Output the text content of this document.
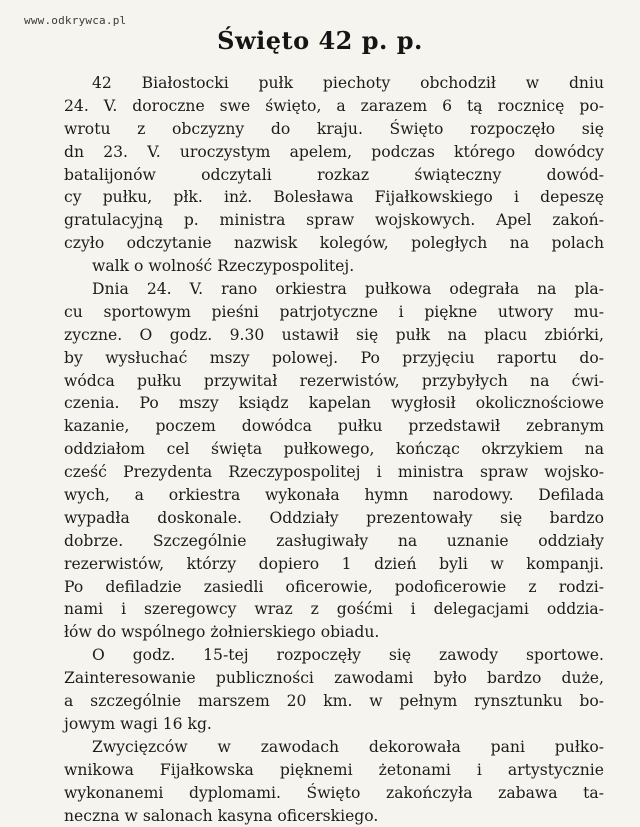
www.odkrywca.pl
Święto 42 p. p.
42 Białostocki pułk piechoty obchodził w dniu
24. V. doroczne swe święto, a zarazem 6 tą rocznicę po-
wrotu z obczyzny do kraju. Święto rozpoczęło się
dn 23. V. uroczystym apelem, podczas którego dowódcy
batalijonów odczytali rozkaz świąteczny dowód-
cy pułku, płk. inż. Bolesława Fijałkowskiego i depeszę
gratulacyjną p. ministra spraw wojskowych. Apel zakoń-
czyło odczytanie nazwisk kolegów, poległych na polach
walk o wolność Rzeczypospolitej.
Dnia 24. V. rano orkiestra pułkowa odegrała na pla-
cu sportowym pieśni patrjotyczne i piękne utwory mu-
zyczne. O godz. 9.30 ustawił się pułk na placu zbiórki,
by wysłuchać mszy polowej. Po przyjęciu raportu do-
wódca pułku przywitał rezerwistów, przybyłych na ćwi-
czenia. Po mszy ksiądz kapelan wygłosił okolicznościowe
kazanie, poczem dowódca pułku przedstawił zebranym
oddziałom cel święta pułkowego, kończąc okrzykiem na
cześć Prezydenta Rzeczypospolitej i ministra spraw wojsko-
wych, a orkiestra wykonała hymn narodowy. Defilada
wypadła doskonale. Oddziały prezentowały się bardzo
dobrze. Szczególnie zasługiwały na uznanie oddziały
rezerwistów, którzy dopiero 1 dzień byli w kompanji.
Po defiladzie zasiedli oficerowie, podoficerowie z rodzi-
nami i szeregowcy wraz z gośćmi i delegacjami oddzia-
łów do wspólnego żołnierskiego obiadu.
O godz. 15-tej rozpoczęły się zawody sportowe.
Zainteresowanie publiczności zawodami było bardzo duże,
a szczególnie marszem 20 km. w pełnym rynsztunku bo-
jowym wagi 16 kg.
Zwycięzców w zawodach dekorowała pani pułko-
wnikowa Fijałkowska pięknemi żetonami i artystycznie
wykonanemi dyplomami. Święto zakończyła zabawa ta-
neczna w salonach kasyna oficerskiego.
